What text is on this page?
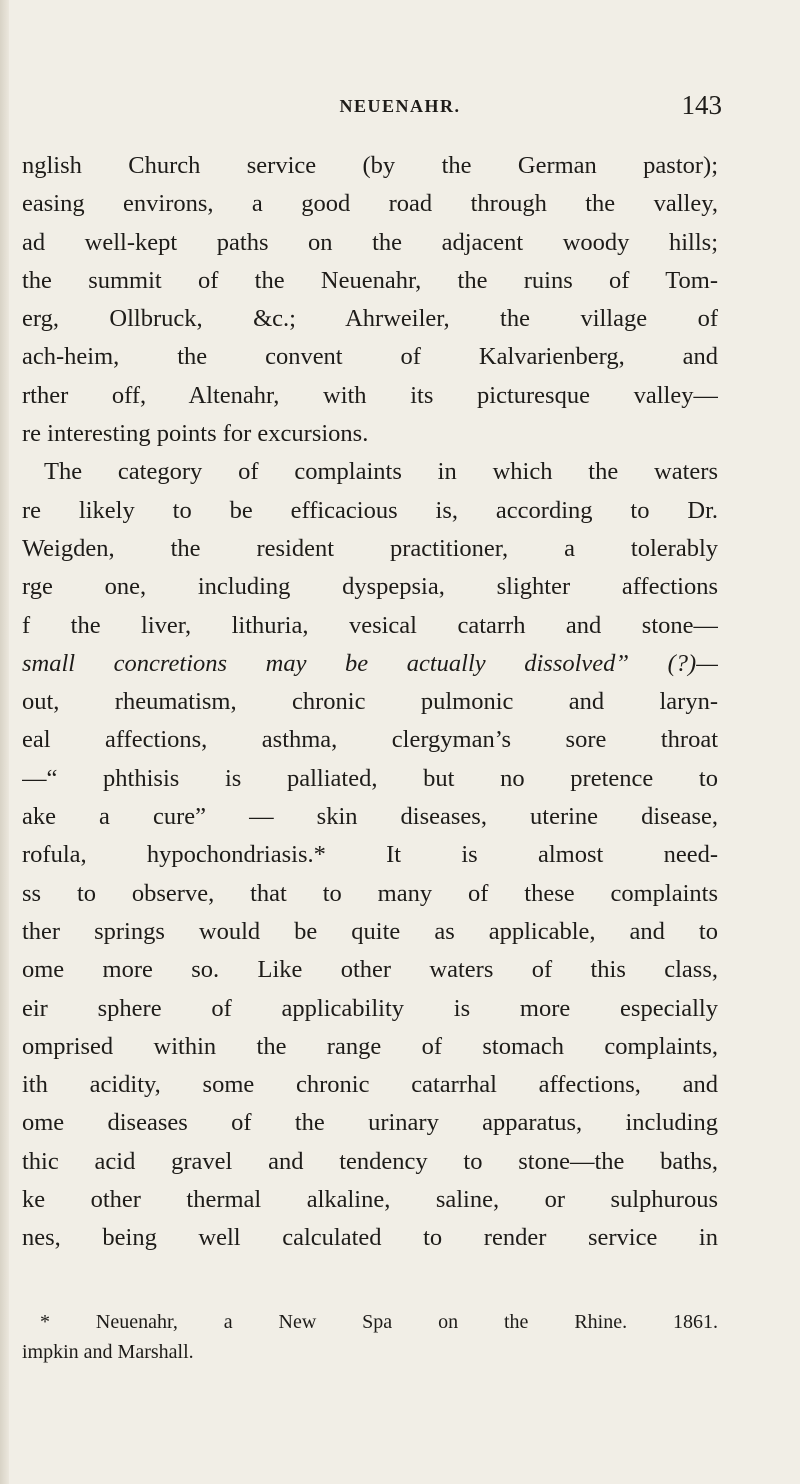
NEUENAHR.	143
nglish Church service (by the German pastor);
easing environs, a good road through the valley,
ad well-kept paths on the adjacent woody hills;
the summit of the Neuenahr, the ruins of Tom-
erg, Ollbruck, &c.; Ahrweiler, the village of
ach-heim, the convent of Kalvarienberg, and
rther off, Altenahr, with its picturesque valley—
re interesting points for excursions.
The category of complaints in which the waters
re likely to be efficacious is, according to Dr.
Weigden, the resident practitioner, a tolerably
rge one, including dyspepsia, slighter affections
f the liver, lithuria, vesical catarrh and stone—
small concretions may be actually dissolved” (?)—
out, rheumatism, chronic pulmonic and laryn-
eal affections, asthma, clergyman’s sore throat
—“ phthisis is palliated, but no pretence to
ake a cure” — skin diseases, uterine disease,
rofula, hypochondriasis.* It is almost need-
ss to observe, that to many of these complaints
ther springs would be quite as applicable, and to
ome more so. Like other waters of this class,
eir sphere of applicability is more especially
omprised within the range of stomach complaints,
ith acidity, some chronic catarrhal affections, and
ome diseases of the urinary apparatus, including
thic acid gravel and tendency to stone—the baths,
ke other thermal alkaline, saline, or sulphurous
nes, being well calculated to render service in
* Neuenahr, a New Spa on the Rhine. 1861.
impkin and Marshall.
